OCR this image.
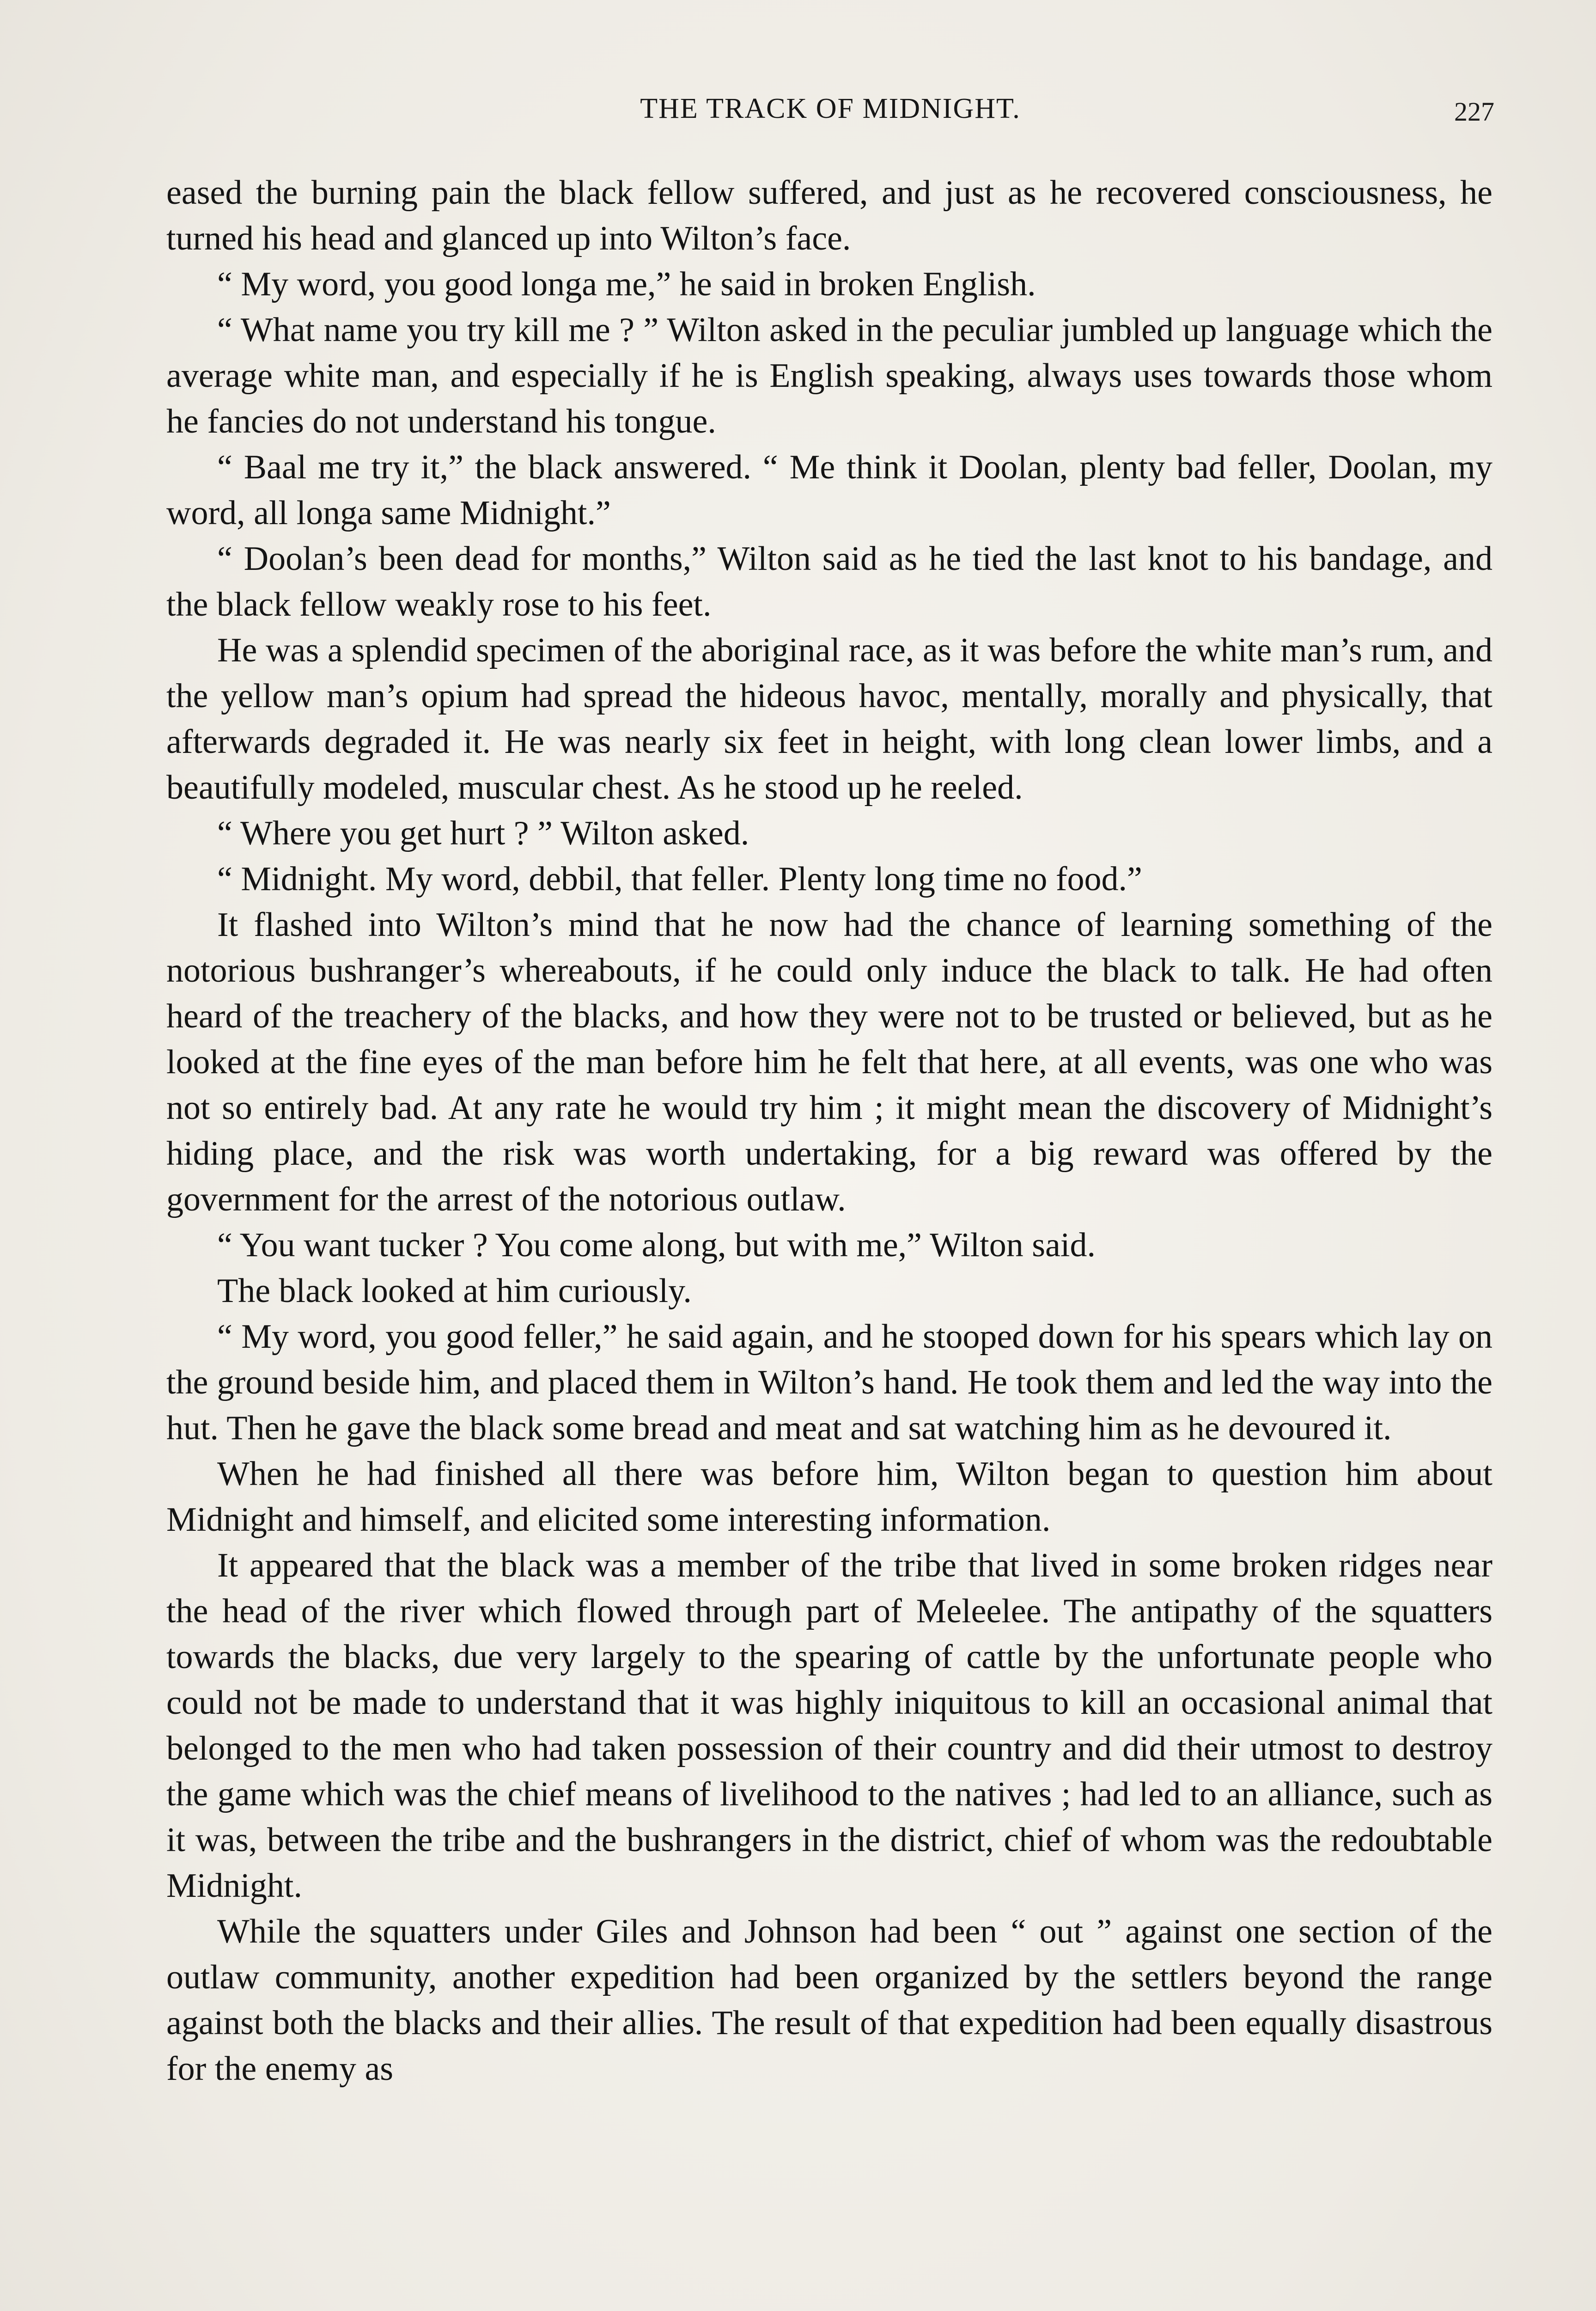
THE TRACK OF MIDNIGHT.	227

eased the burning pain the black fellow suffered, and just as he recovered consciousness, he turned his head and glanced up into Wilton’s face.

“ My word, you good longa me,” he said in broken English.

“ What name you try kill me ? ” Wilton asked in the peculiar jumbled up language which the average white man, and especially if he is English speaking, always uses towards those whom he fancies do not understand his tongue.

“ Baal me try it,” the black answered. “ Me think it Doolan, plenty bad feller, Doolan, my word, all longa same Midnight.”

“ Doolan’s been dead for months,” Wilton said as he tied the last knot to his bandage, and the black fellow weakly rose to his feet.

He was a splendid specimen of the aboriginal race, as it was before the white man’s rum, and the yellow man’s opium had spread the hideous havoc, mentally, morally and physically, that afterwards degraded it. He was nearly six feet in height, with long clean lower limbs, and a beautifully modeled, muscular chest. As he stood up he reeled.

“ Where you get hurt ? ” Wilton asked.

“ Midnight. My word, debbil, that feller. Plenty long time no food.”

It flashed into Wilton’s mind that he now had the chance of learning something of the notorious bushranger’s whereabouts, if he could only induce the black to talk. He had often heard of the treachery of the blacks, and how they were not to be trusted or believed, but as he looked at the fine eyes of the man before him he felt that here, at all events, was one who was not so entirely bad. At any rate he would try him ; it might mean the discovery of Midnight’s hiding place, and the risk was worth undertaking, for a big reward was offered by the government for the arrest of the notorious outlaw.

“ You want tucker ? You come along, but with me,” Wilton said.

The black looked at him curiously.

“ My word, you good feller,” he said again, and he stooped down for his spears which lay on the ground beside him, and placed them in Wilton’s hand. He took them and led the way into the hut. Then he gave the black some bread and meat and sat watching him as he devoured it.

When he had finished all there was before him, Wilton began to question him about Midnight and himself, and elicited some interesting information.

It appeared that the black was a member of the tribe that lived in some broken ridges near the head of the river which flowed through part of Meleelee. The antipathy of the squatters towards the blacks, due very largely to the spearing of cattle by the unfortunate people who could not be made to understand that it was highly iniquitous to kill an occasional animal that belonged to the men who had taken possession of their country and did their utmost to destroy the game which was the chief means of livelihood to the natives ; had led to an alliance, such as it was, between the tribe and the bushrangers in the district, chief of whom was the redoubtable Midnight.

While the squatters under Giles and Johnson had been “ out ” against one section of the outlaw community, another expedition had been organized by the settlers beyond the range against both the blacks and their allies. The result of that expedition had been equally disastrous for the enemy as
